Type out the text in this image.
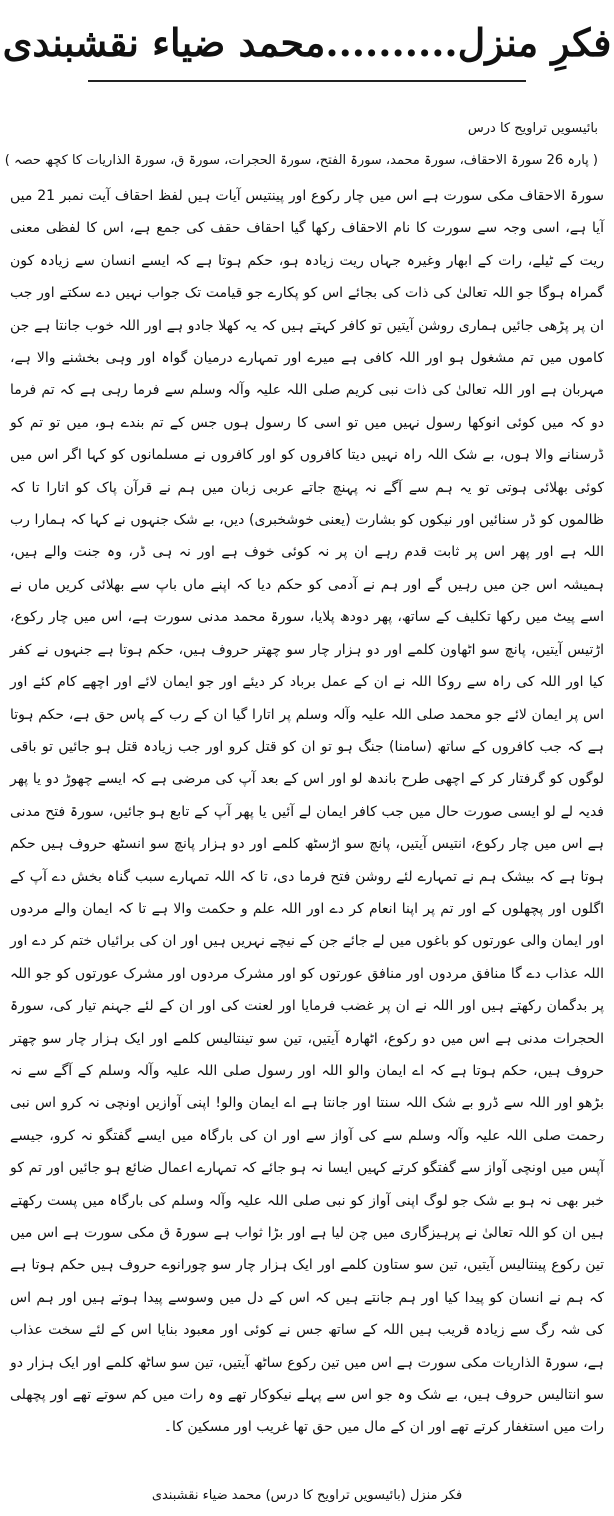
فکرِ منزل..........محمد ضیاء نقشبندی
بائیسویں تراویح کا درس
( پارہ 26 سورۃ الاحقاف، سورۃ محمد، سورۃ الفتح، سورۃ الحجرات، سورۃ ق، سورۃ الذاریات کا کچھ حصہ )

سورۃ الاحقاف مکی سورت ہے اس میں چار رکوع اور پینتیس آیات ہیں لفظ احقاف آیت نمبر 21 میں آیا ہے، اسی وجہ سے سورت کا نام الاحقاف رکھا گیا احقاف حقف کی جمع ہے، اس کا لفظی معنی ریت کے ٹیلے، رات کے ابھار وغیرہ جہاں ریت زیادہ ہو، حکم ہوتا ہے کہ ایسے انسان سے زیادہ کون گمراہ ہوگا جو اللہ تعالیٰ کی ذات کی بجائے اس کو پکارے جو قیامت تک جواب نہیں دے سکتے اور جب ان پر پڑھی جائیں ہماری روشن آیتیں تو کافر کہتے ہیں کہ یہ کھلا جادو ہے اور اللہ خوب جانتا ہے جن کاموں میں تم مشغول ہو اور اللہ کافی ہے میرے اور تمہارے درمیان گواہ اور وہی بخشنے والا ہے، مہربان ہے اور اللہ تعالیٰ کی ذات نبی کریم صلی اللہ علیہ وآلہ وسلم سے فرما رہی ہے کہ تم فرما دو کہ میں کوئی انوکھا رسول نہیں میں تو اسی کا رسول ہوں جس کے تم بندے ہو، میں تو تم کو ڈرسنانے والا ہوں، بے شک اللہ راہ نہیں دیتا کافروں کو اور کافروں نے مسلمانوں کو کہا اگر اس میں کوئی بھلائی ہوتی تو یہ ہم سے آگے نہ پہنچ جاتے عربی زبان میں ہم نے قرآن پاک کو اتارا تا کہ ظالموں کو ڈر سنائیں اور نیکوں کو بشارت (یعنی خوشخبری) دیں، بے شک جنہوں نے کہا کہ ہمارا رب اللہ ہے اور پھر اس پر ثابت قدم رہے ان پر نہ کوئی خوف ہے اور نہ ہی ڈر، وہ جنت والے ہیں، ہمیشہ اس جن میں رہیں گے اور ہم نے آدمی کو حکم دیا کہ اپنے ماں باپ سے بھلائی کریں ماں نے اسے پیٹ میں رکھا تکلیف کے ساتھ، پھر دودھ پلایا، سورۃ محمد مدنی سورت ہے، اس میں چار رکوع، اڑتیس آیتیں، پانچ سو اٹھاون کلمے اور دو ہزار چار سو چھتر حروف ہیں، حکم ہوتا ہے جنہوں نے کفر کیا اور اللہ کی راہ سے روکا اللہ نے ان کے عمل برباد کر دیئے اور جو ایمان لائے اور اچھے کام کئے اور اس پر ایمان لائے جو محمد صلی اللہ علیہ وآلہ وسلم پر اتارا گیا ان کے رب کے پاس حق ہے، حکم ہوتا ہے کہ جب کافروں کے ساتھ (سامنا) جنگ ہو تو ان کو قتل کرو اور جب زیادہ قتل ہو جائیں تو باقی لوگوں کو گرفتار کر کے اچھی طرح باندھ لو اور اس کے بعد آپ کی مرضی ہے کہ ایسے چھوڑ دو یا پھر فدیہ لے لو ایسی صورت حال میں جب کافر ایمان لے آئیں یا پھر آپ کے تابع ہو جائیں، سورۃ فتح مدنی ہے اس میں چار رکوع، انتیس آیتیں، پانچ سو اڑسٹھ کلمے اور دو ہزار پانچ سو انسٹھ حروف ہیں حکم ہوتا ہے کہ بیشک ہم نے تمہارے لئے روشن فتح فرما دی، تا کہ اللہ تمہارے سبب گناہ بخش دے آپ کے اگلوں اور پچھلوں کے اور تم پر اپنا انعام کر دے اور اللہ علم و حکمت والا ہے تا کہ ایمان والے مردوں اور ایمان والی عورتوں کو باغوں میں لے جائے جن کے نیچے نہریں ہیں اور ان کی برائیاں ختم کر دے اور اللہ عذاب دے گا منافق مردوں اور منافق عورتوں کو اور مشرک مردوں اور مشرک عورتوں کو جو اللہ پر بدگمان رکھتے ہیں اور اللہ نے ان پر غضب فرمایا اور لعنت کی اور ان کے لئے جہنم تیار کی، سورۃ الحجرات مدنی ہے اس میں دو رکوع، اٹھارہ آیتیں، تین سو تینتالیس کلمے اور ایک ہزار چار سو چھتر حروف ہیں، حکم ہوتا ہے کہ اے ایمان والو اللہ اور رسول صلی اللہ علیہ وآلہ وسلم کے آگے سے نہ بڑھو اور اللہ سے ڈرو بے شک اللہ سنتا اور جانتا ہے اے ایمان والو! اپنی آوازیں اونچی نہ کرو اس نبی رحمت صلی اللہ علیہ وآلہ وسلم سے کی آواز سے اور ان کی بارگاہ میں ایسے گفتگو نہ کرو، جیسے آپس میں اونچی آواز سے گفتگو کرتے کہیں ایسا نہ ہو جائے کہ تمہارے اعمال ضائع ہو جائیں اور تم کو خبر بھی نہ ہو بے شک جو لوگ اپنی آواز کو نبی صلی اللہ علیہ وآلہ وسلم کی بارگاہ میں پست رکھتے ہیں ان کو اللہ تعالیٰ نے پرہیزگاری میں چن لیا ہے اور بڑا ثواب ہے سورۃ ق مکی سورت ہے اس میں تین رکوع پینتالیس آیتیں، تین سو ستاون کلمے اور ایک ہزار چار سو چورانوے حروف ہیں حکم ہوتا ہے کہ ہم نے انسان کو پیدا کیا اور ہم جانتے ہیں کہ اس کے دل میں وسوسے پیدا ہوتے ہیں اور ہم اس کی شہ رگ سے زیادہ قریب ہیں اللہ کے ساتھ جس نے کوئی اور معبود بنایا اس کے لئے سخت عذاب ہے، سورۃ الذاریات مکی سورت ہے اس میں تین رکوع ساٹھ آیتیں، تین سو ساٹھ کلمے اور ایک ہزار دو سو انتالیس حروف ہیں، بے شک وہ جو اس سے پہلے نیکوکار تھے وہ رات میں کم سوتے تھے اور پچھلی رات میں استغفار کرتے تھے اور ان کے مال میں حق تھا غریب اور مسکین کا۔

فکر منزل (بائیسویں تراویح کا درس) محمد ضیاء نقشبندی
